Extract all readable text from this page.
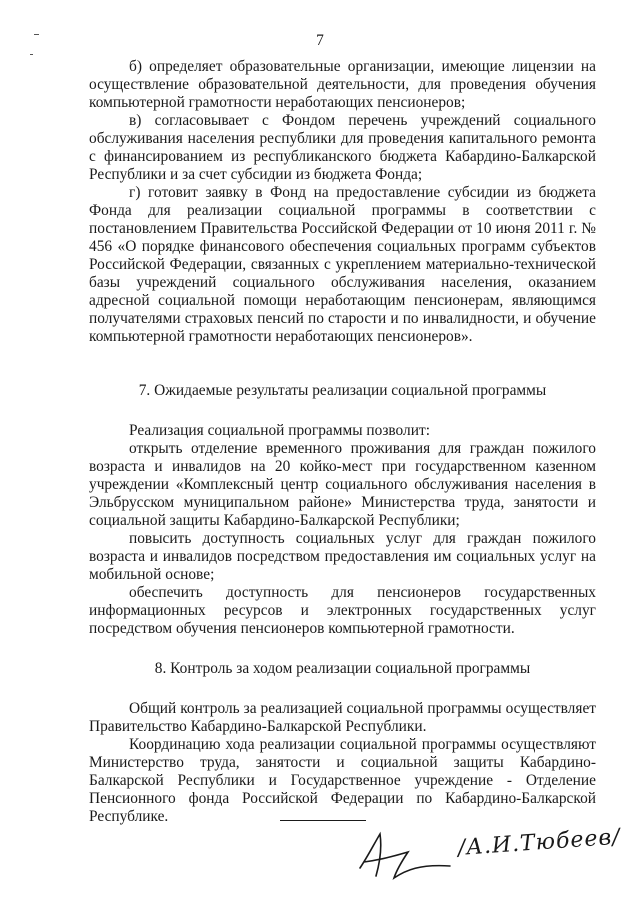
7

б) определяет образовательные организации, имеющие лицензии на осуществление образовательной деятельности, для проведения обучения компьютерной грамотности неработающих пенсионеров;

в) согласовывает с Фондом перечень учреждений социального обслуживания населения республики для проведения капитального ремонта с финансированием из республиканского бюджета Кабардино-Балкарской Республики и за счет субсидии из бюджета Фонда;

г) готовит заявку в Фонд на предоставление субсидии из бюджета Фонда для реализации социальной программы в соответствии с постановлением Правительства Российской Федерации от 10 июня 2011 г. № 456 «О порядке финансового обеспечения социальных программ субъектов Российской Федерации, связанных с укреплением материально-технической базы учреждений социального обслуживания населения, оказанием адресной социальной помощи неработающим пенсионерам, являющимся получателями страховых пенсий по старости и по инвалидности, и обучение компьютерной грамотности неработающих пенсионеров».

7. Ожидаемые результаты реализации социальной программы

Реализация социальной программы позволит:

открыть отделение временного проживания для граждан пожилого возраста и инвалидов на 20 койко-мест при государственном казенном учреждении «Комплексный центр социального обслуживания населения в Эльбрусском муниципальном районе» Министерства труда, занятости и социальной защиты Кабардино-Балкарской Республики;

повысить доступность социальных услуг для граждан пожилого возраста и инвалидов посредством предоставления им социальных услуг на мобильной основе;

обеспечить доступность для пенсионеров государственных информационных ресурсов и электронных государственных услуг посредством обучения пенсионеров компьютерной грамотности.

8. Контроль за ходом реализации социальной программы

Общий контроль за реализацией социальной программы осуществляет Правительство Кабардино-Балкарской Республики.

Координацию хода реализации социальной программы осуществляют Министерство труда, занятости и социальной защиты Кабардино-Балкарской Республики и Государственное учреждение - Отделение Пенсионного фонда Российской Федерации по Кабардино-Балкарской Республике.

/А.И.Тюбеев/
